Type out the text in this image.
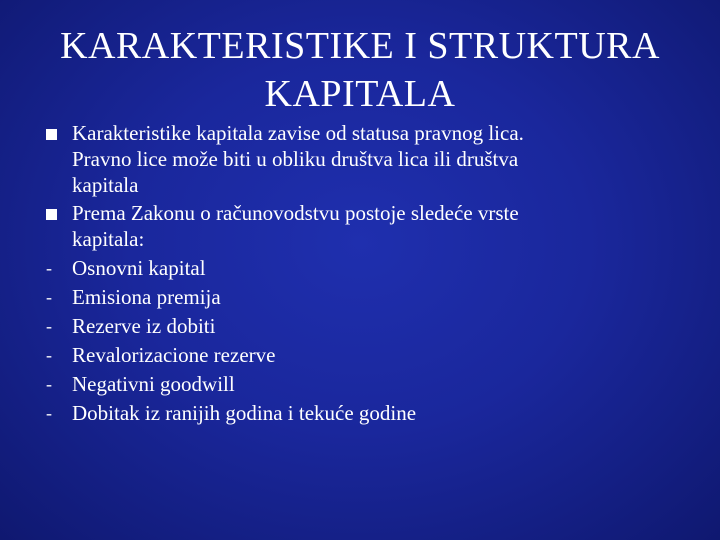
KARAKTERISTIKE I STRUKTURA
KAPITALA
Karakteristike kapitala zavise od statusa pravnog lica.
Pravno lice može biti u obliku društva lica ili društva
kapitala
Prema Zakonu o računovodstvu postoje sledeće vrste
kapitala:
- Osnovni kapital
- Emisiona premija
- Rezerve iz dobiti
- Revalorizacione rezerve
- Negativni goodwill
- Dobitak iz ranijih godina i tekuće godine
